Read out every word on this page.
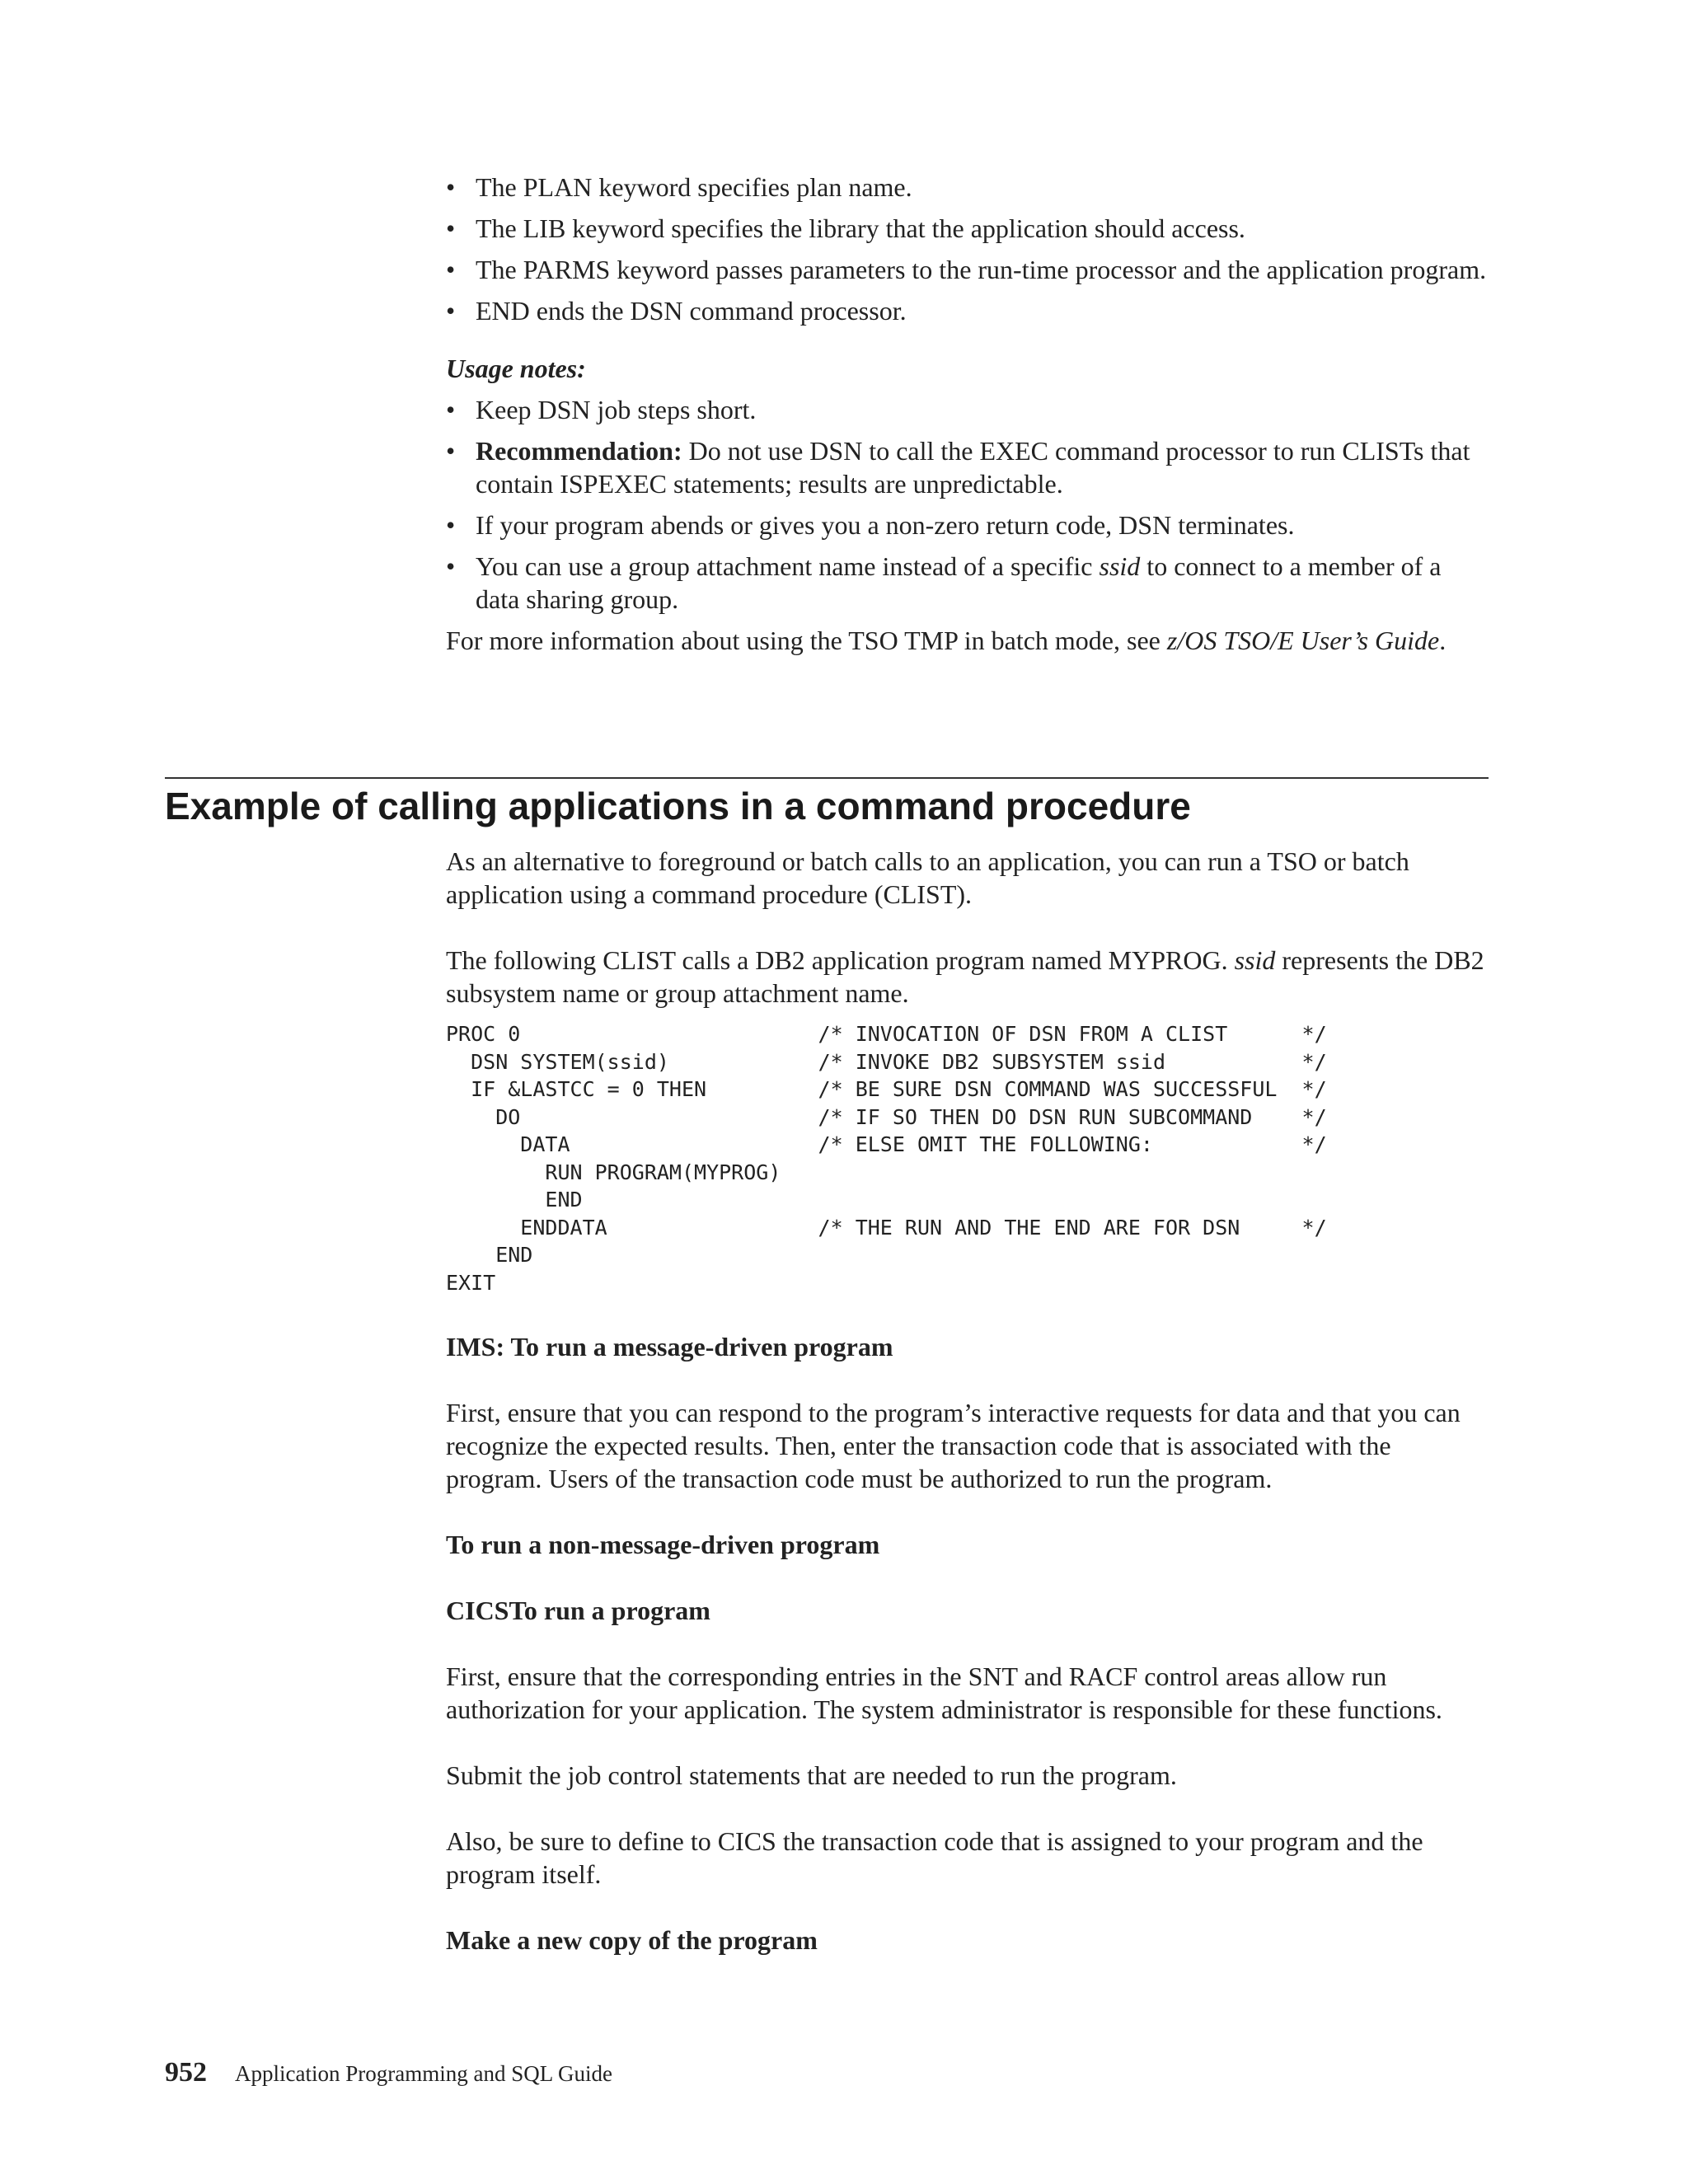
• The PLAN keyword specifies plan name.
• The LIB keyword specifies the library that the application should access.
• The PARMS keyword passes parameters to the run-time processor and the application program.
• END ends the DSN command processor.

Usage notes:

• Keep DSN job steps short.
• Recommendation: Do not use DSN to call the EXEC command processor to run CLISTs that contain ISPEXEC statements; results are unpredictable.
• If your program abends or gives you a non-zero return code, DSN terminates.
• You can use a group attachment name instead of a specific ssid to connect to a member of a data sharing group.

For more information about using the TSO TMP in batch mode, see z/OS TSO/E User’s Guide.

Example of calling applications in a command procedure

As an alternative to foreground or batch calls to an application, you can run a TSO or batch application using a command procedure (CLIST).

The following CLIST calls a DB2 application program named MYPROG. ssid represents the DB2 subsystem name or group attachment name.

PROC 0	/* INVOCATION OF DSN FROM A CLIST      */
DSN SYSTEM(ssid)	/* INVOKE DB2 SUBSYSTEM ssid           */
IF &LASTCC = 0 THEN	/* BE SURE DSN COMMAND WAS SUCCESSFUL  */
DO	/* IF SO THEN DO DSN RUN SUBCOMMAND    */
DATA	/* ELSE OMIT THE FOLLOWING:            */
RUN PROGRAM(MYPROG)
END
ENDDATA	/* THE RUN AND THE END ARE FOR DSN     */
END
EXIT

IMS: To run a message-driven program

First, ensure that you can respond to the program’s interactive requests for data and that you can recognize the expected results. Then, enter the transaction code that is associated with the program. Users of the transaction code must be authorized to run the program.

To run a non-message-driven program

CICSTo run a program

First, ensure that the corresponding entries in the SNT and RACF control areas allow run authorization for your application. The system administrator is responsible for these functions.

Submit the job control statements that are needed to run the program.

Also, be sure to define to CICS the transaction code that is assigned to your program and the program itself.

Make a new copy of the program

952 Application Programming and SQL Guide
